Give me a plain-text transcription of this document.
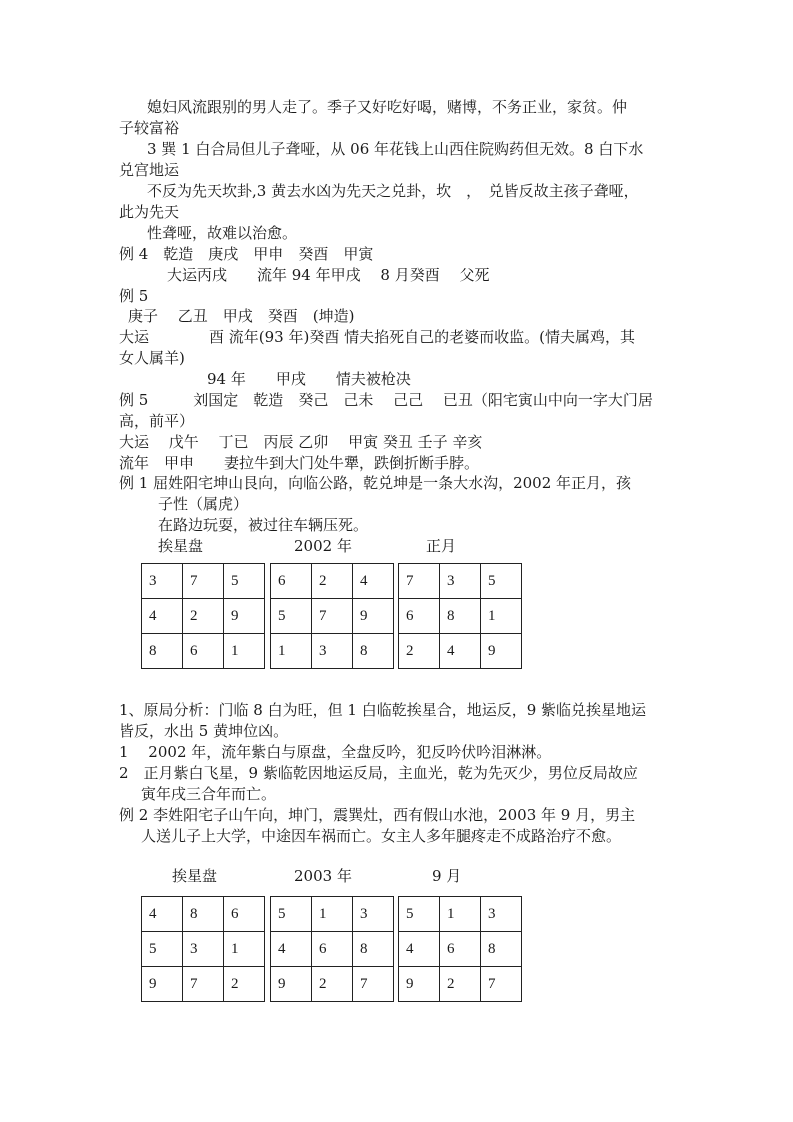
媳妇风流跟别的男人走了。季子又好吃好喝，赌博，不务正业，家贫。仲
子较富裕
3 巽 1 白合局但儿子聋哑，从 06 年花钱上山西住院购药但无效。8 白下水
兑宫地运
不反为先天坎卦,3 黄去水凶为先天之兑卦，坎　，　兑皆反故主孩子聋哑，
此为先天
性聋哑，故难以治愈。
例 4　乾造　庚戌　甲申　癸酉　甲寅
大运丙戌　　流年 94 年甲戌　 8 月癸酉　 父死
例 5
庚子　 乙丑　甲戌　癸酉　(坤造)
大运　　　　酉 流年(93 年)癸酉 情夫掐死自己的老婆而收监。(情夫属鸡，其
女人属羊)
94 年　　甲戌　　情夫被枪决
例 5　　　刘国定　乾造　癸己　己未　 己己　 已丑（阳宅寅山中向一字大门居
高，前平）
大运　 戊午　 丁已　丙辰 乙卯　 甲寅 癸丑 壬子 辛亥
流年　甲申　　妻拉牛到大门处牛犟，跌倒折断手脖。
例 1 屈姓阳宅坤山艮向，向临公路，乾兑坤是一条大水沟，2002 年正月，孩
子性（属虎）
在路边玩耍，被过往车辆压死。
挨星盘	2002 年	正月
3	7	5
4	2	9
8	6	1
6	2	4
5	7	9
1	3	8
7	3	5
6	8	1
2	4	9
1、原局分析：门临 8 白为旺，但 1 白临乾挨星合，地运反，9 紫临兑挨星地运
皆反，水出 5 黄坤位凶。
1　 2002 年，流年紫白与原盘，全盘反吟，犯反吟伏吟泪淋淋。
2　正月紫白飞星，9 紫临乾因地运反局，主血光，乾为先灭少，男位反局故应
寅年戌三合年而亡。
例 2 李姓阳宅子山午向，坤门，震巽灶，西有假山水池，2003 年 9 月，男主
人送儿子上大学，中途因车祸而亡。女主人多年腿疼走不成路治疗不愈。
挨星盘	2003 年	9 月
4	8	6
5	3	1
9	7	2
5	1	3
4	6	8
9	2	7
5	1	3
4	6	8
9	2	7
